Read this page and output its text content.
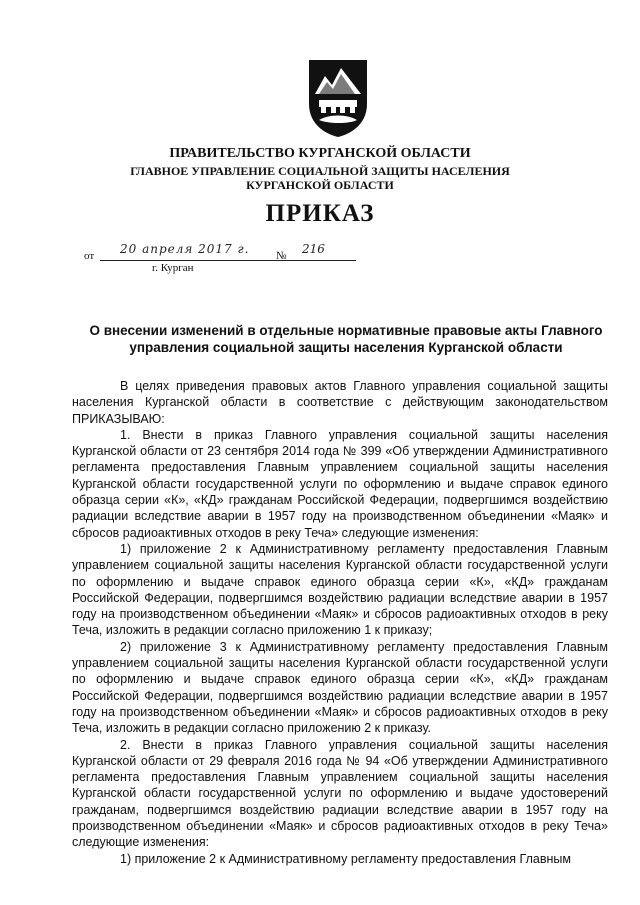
ПРАВИТЕЛЬСТВО КУРГАНСКОЙ ОБЛАСТИ
ГЛАВНОЕ УПРАВЛЕНИЕ СОЦИАЛЬНОЙ ЗАЩИТЫ НАСЕЛЕНИЯ
КУРГАНСКОЙ ОБЛАСТИ
ПРИКАЗ
от 20 апреля 2017 г. № 216
г. Курган
О внесении изменений в отдельные нормативные правовые акты Главного управления социальной защиты населения Курганской области

В целях приведения правовых актов Главного управления социальной защиты населения Курганской области в соответствие с действующим законодательством ПРИКАЗЫВАЮ:

1. Внести в приказ Главного управления социальной защиты населения Курганской области от 23 сентября 2014 года № 399 «Об утверждении Административного регламента предоставления Главным управлением социальной защиты населения Курганской области государственной услуги по оформлению и выдаче справок единого образца серии «К», «КД» гражданам Российской Федерации, подвергшимся воздействию радиации вследствие аварии в 1957 году на производственном объединении «Маяк» и сбросов радиоактивных отходов в реку Теча» следующие изменения:

1) приложение 2 к Административному регламенту предоставления Главным управлением социальной защиты населения Курганской области государственной услуги по оформлению и выдаче справок единого образца серии «К», «КД» гражданам Российской Федерации, подвергшимся воздействию радиации вследствие аварии в 1957 году на производственном объединении «Маяк» и сбросов радиоактивных отходов в реку Теча, изложить в редакции согласно приложению 1 к приказу;

2) приложение 3 к Административному регламенту предоставления Главным управлением социальной защиты населения Курганской области государственной услуги по оформлению и выдаче справок единого образца серии «К», «КД» гражданам Российской Федерации, подвергшимся воздействию радиации вследствие аварии в 1957 году на производственном объединении «Маяк» и сбросов радиоактивных отходов в реку Теча, изложить в редакции согласно приложению 2 к приказу.

2. Внести в приказ Главного управления социальной защиты населения Курганской области от 29 февраля 2016 года № 94 «Об утверждении Административного регламента предоставления Главным управлением социальной защиты населения Курганской области государственной услуги по оформлению и выдаче удостоверений гражданам, подвергшимся воздействию радиации вследствие аварии в 1957 году на производственном объединении «Маяк» и сбросов радиоактивных отходов в реку Теча» следующие изменения:

1) приложение 2 к Административному регламенту предоставления Главным
